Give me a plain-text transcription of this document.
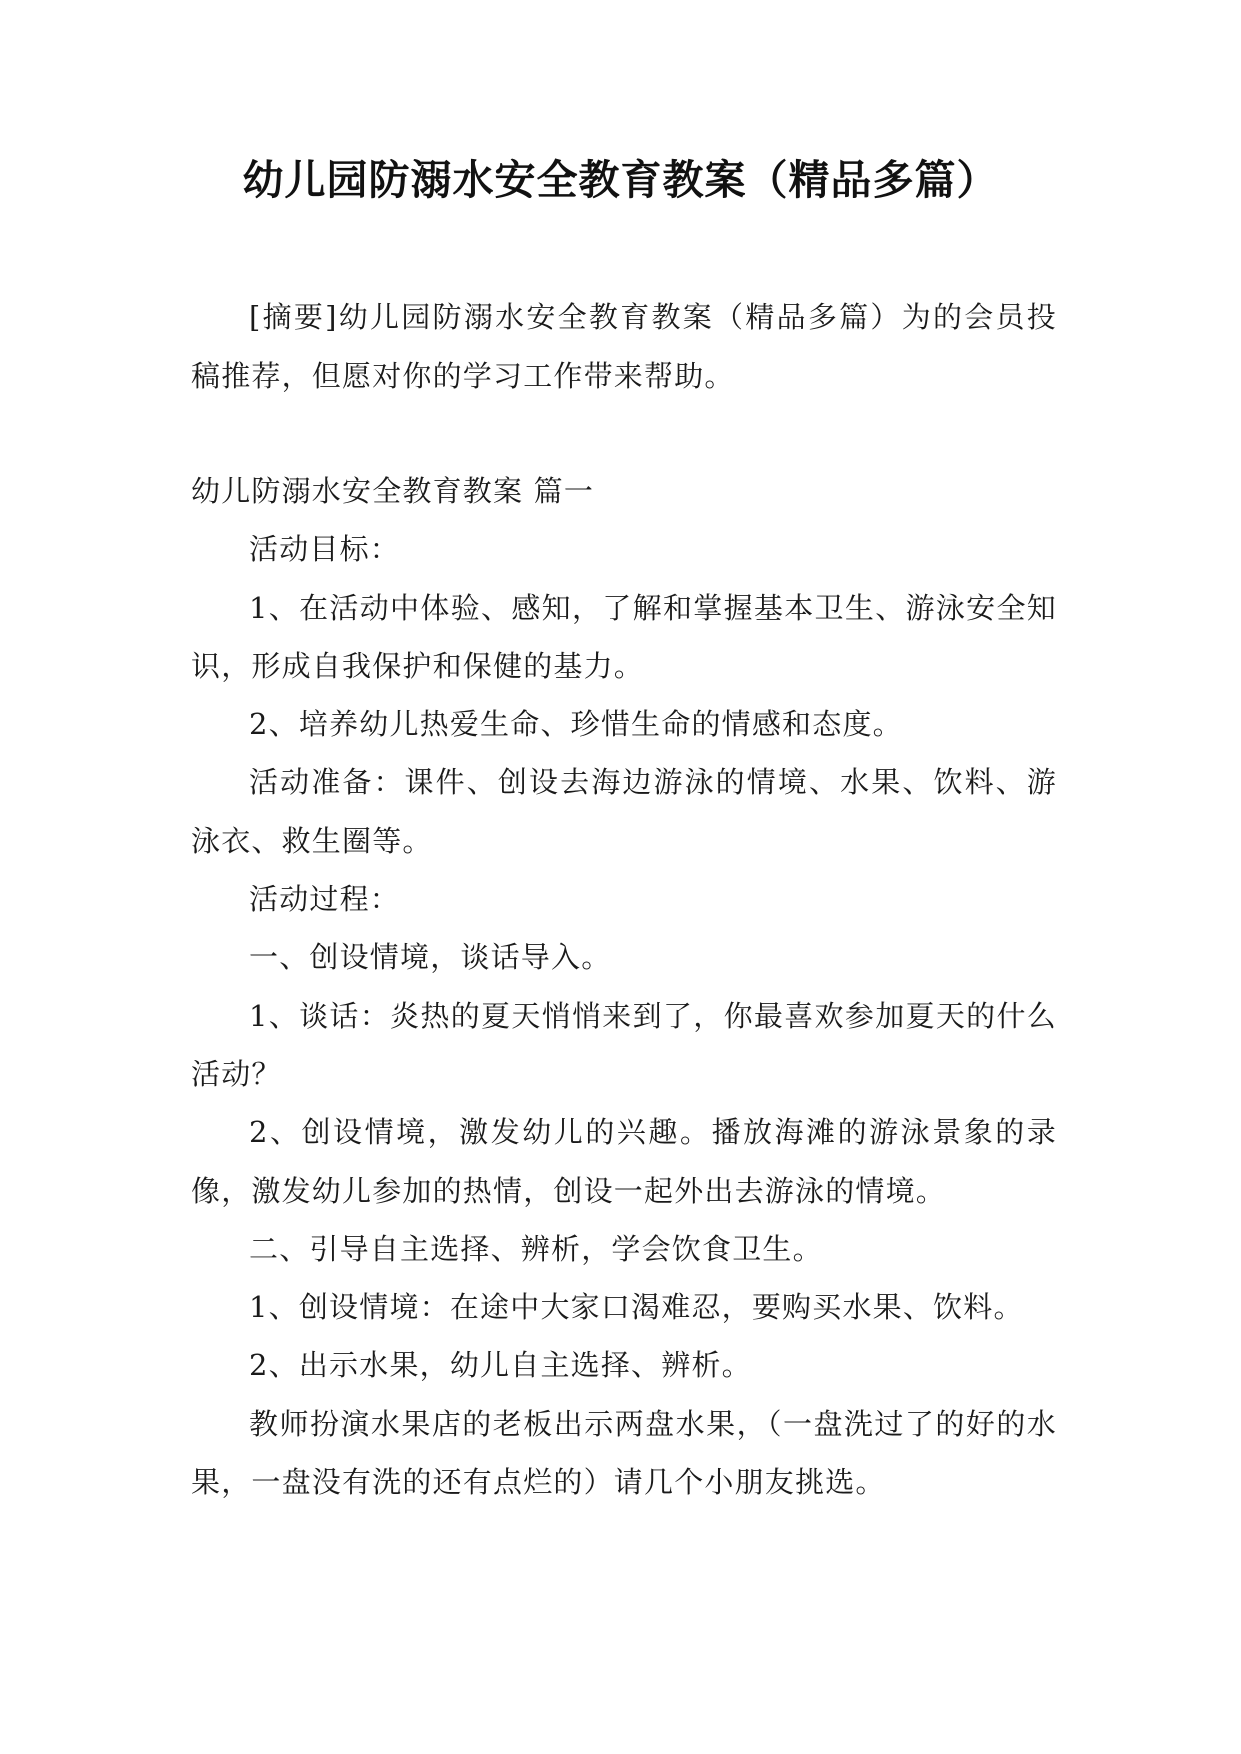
幼儿园防溺水安全教育教案（精品多篇）

[摘要]幼儿园防溺水安全教育教案（精品多篇）为的会员投稿推荐，但愿对你的学习工作带来帮助。

幼儿防溺水安全教育教案 篇一

活动目标：

1、在活动中体验、感知，了解和掌握基本卫生、游泳安全知识，形成自我保护和保健的基力。

2、培养幼儿热爱生命、珍惜生命的情感和态度。

活动准备：课件、创设去海边游泳的情境、水果、饮料、游泳衣、救生圈等。

活动过程：

一、创设情境，谈话导入。

1、谈话：炎热的夏天悄悄来到了，你最喜欢参加夏天的什么活动？

2、创设情境，激发幼儿的兴趣。播放海滩的游泳景象的录像，激发幼儿参加的热情，创设一起外出去游泳的情境。

二、引导自主选择、辨析，学会饮食卫生。

1、创设情境：在途中大家口渴难忍，要购买水果、饮料。

2、出示水果，幼儿自主选择、辨析。

教师扮演水果店的老板出示两盘水果，（一盘洗过了的好的水果，一盘没有洗的还有点烂的）请几个小朋友挑选。
